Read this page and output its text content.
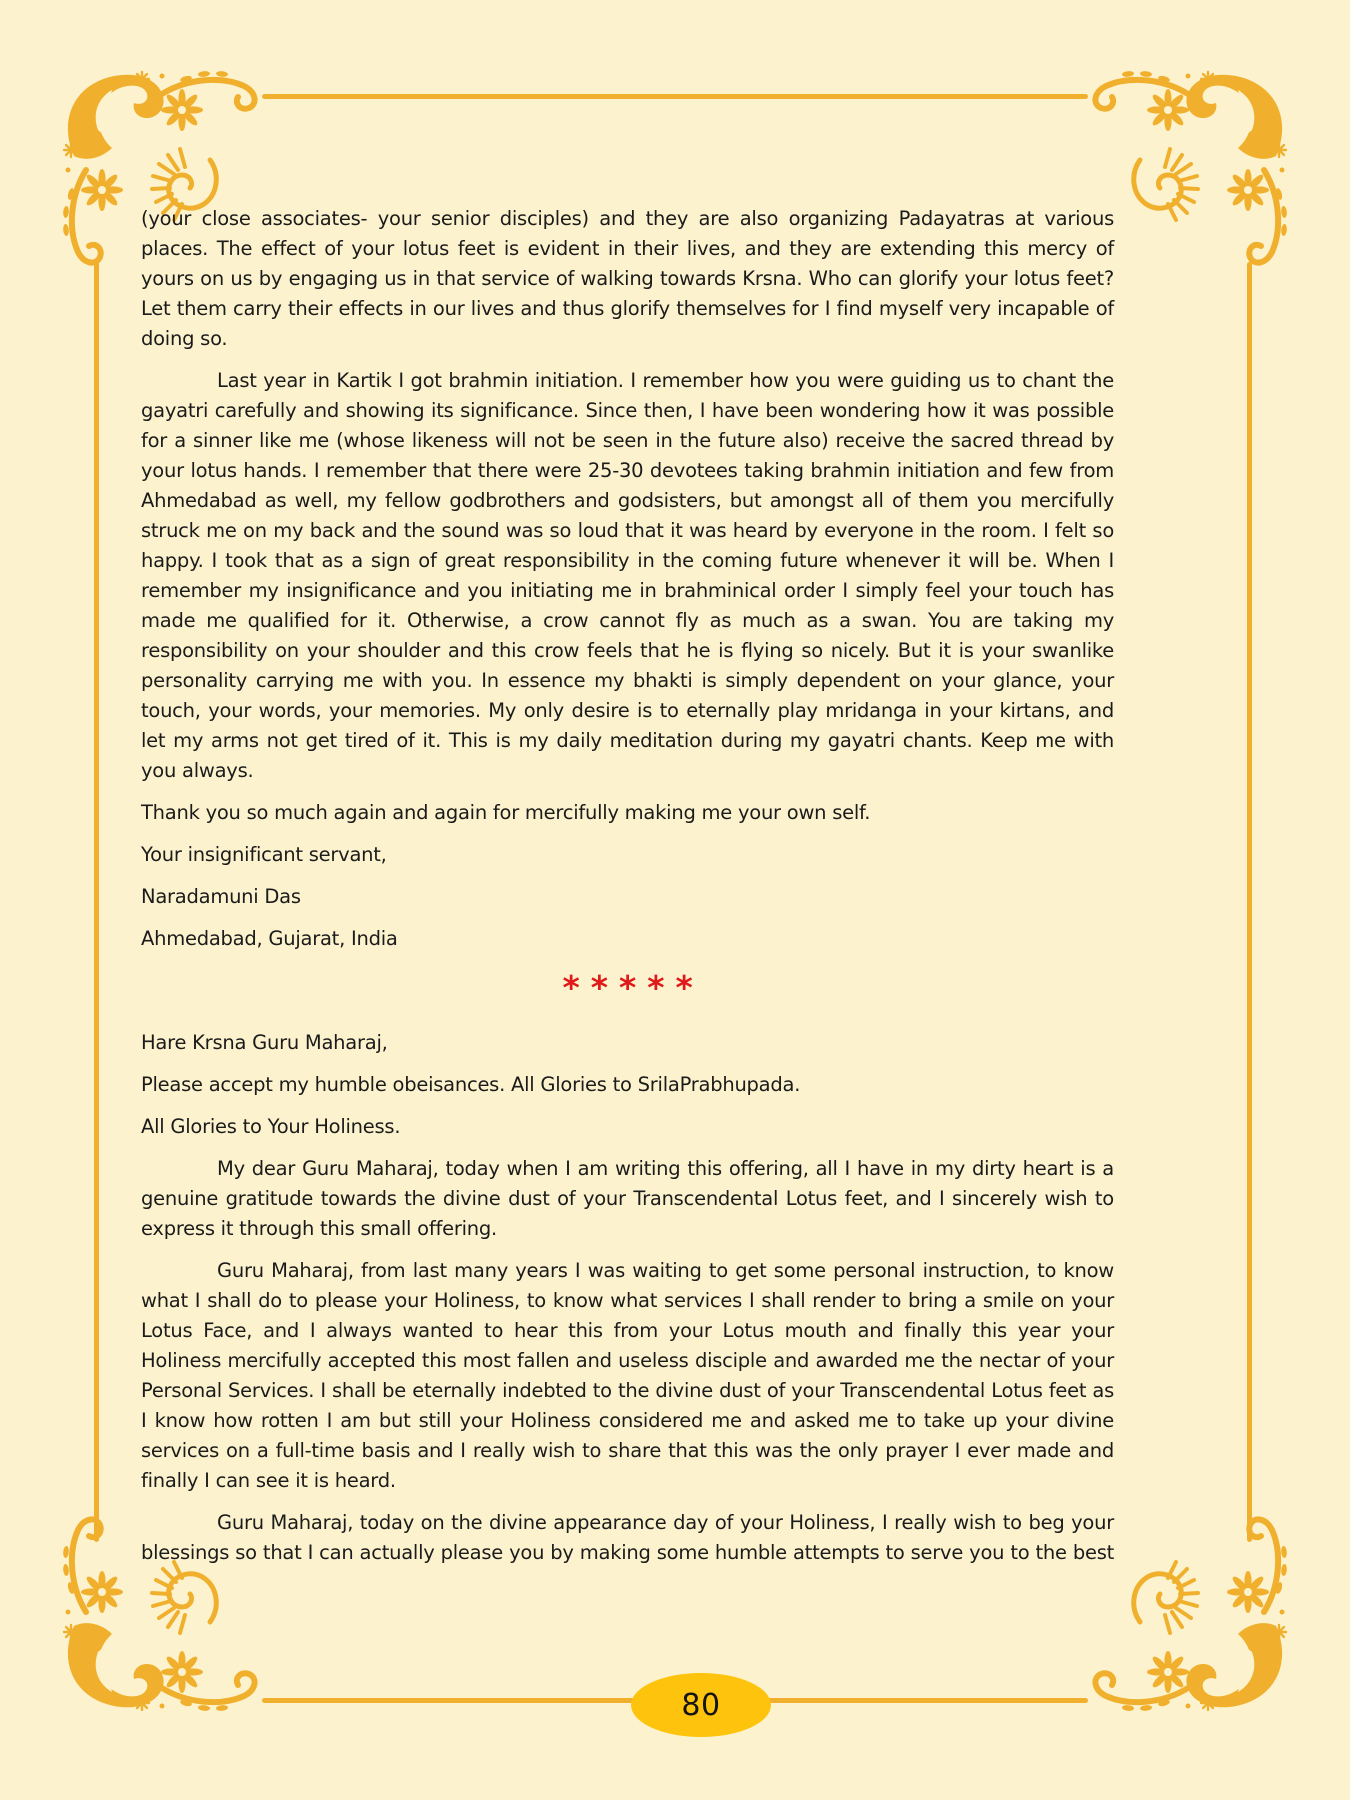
(your close associates- your senior disciples) and they are also organizing Padayatras at various places. The effect of your lotus feet is evident in their lives, and they are extending this mercy of yours on us by engaging us in that service of walking towards Krsna. Who can glorify your lotus feet? Let them carry their effects in our lives and thus glorify themselves for I find myself very incapable of doing so.

Last year in Kartik I got brahmin initiation. I remember how you were guiding us to chant the gayatri carefully and showing its significance. Since then, I have been wondering how it was possible for a sinner like me (whose likeness will not be seen in the future also) receive the sacred thread by your lotus hands. I remember that there were 25-30 devotees taking brahmin initiation and few from Ahmedabad as well, my fellow godbrothers and godsisters, but amongst all of them you mercifully struck me on my back and the sound was so loud that it was heard by everyone in the room. I felt so happy. I took that as a sign of great responsibility in the coming future whenever it will be. When I remember my insignificance and you initiating me in brahminical order I simply feel your touch has made me qualified for it. Otherwise, a crow cannot fly as much as a swan. You are taking my responsibility on your shoulder and this crow feels that he is flying so nicely. But it is your swanlike personality carrying me with you. In essence my bhakti is simply dependent on your glance, your touch, your words, your memories. My only desire is to eternally play mridanga in your kirtans, and let my arms not get tired of it. This is my daily meditation during my gayatri chants. Keep me with you always.

Thank you so much again and again for mercifully making me your own self.

Your insignificant servant,

Naradamuni Das

Ahmedabad, Gujarat, India

* * * * *

Hare Krsna Guru Maharaj,

Please accept my humble obeisances. All Glories to SrilaPrabhupada.

All Glories to Your Holiness.

My dear Guru Maharaj, today when I am writing this offering, all I have in my dirty heart is a genuine gratitude towards the divine dust of your Transcendental Lotus feet, and I sincerely wish to express it through this small offering.

Guru Maharaj, from last many years I was waiting to get some personal instruction, to know what I shall do to please your Holiness, to know what services I shall render to bring a smile on your Lotus Face, and I always wanted to hear this from your Lotus mouth and finally this year your Holiness mercifully accepted this most fallen and useless disciple and awarded me the nectar of your Personal Services. I shall be eternally indebted to the divine dust of your Transcendental Lotus feet as I know how rotten I am but still your Holiness considered me and asked me to take up your divine services on a full-time basis and I really wish to share that this was the only prayer I ever made and finally I can see it is heard.

Guru Maharaj, today on the divine appearance day of your Holiness, I really wish to beg your blessings so that I can actually please you by making some humble attempts to serve you to the best

80
